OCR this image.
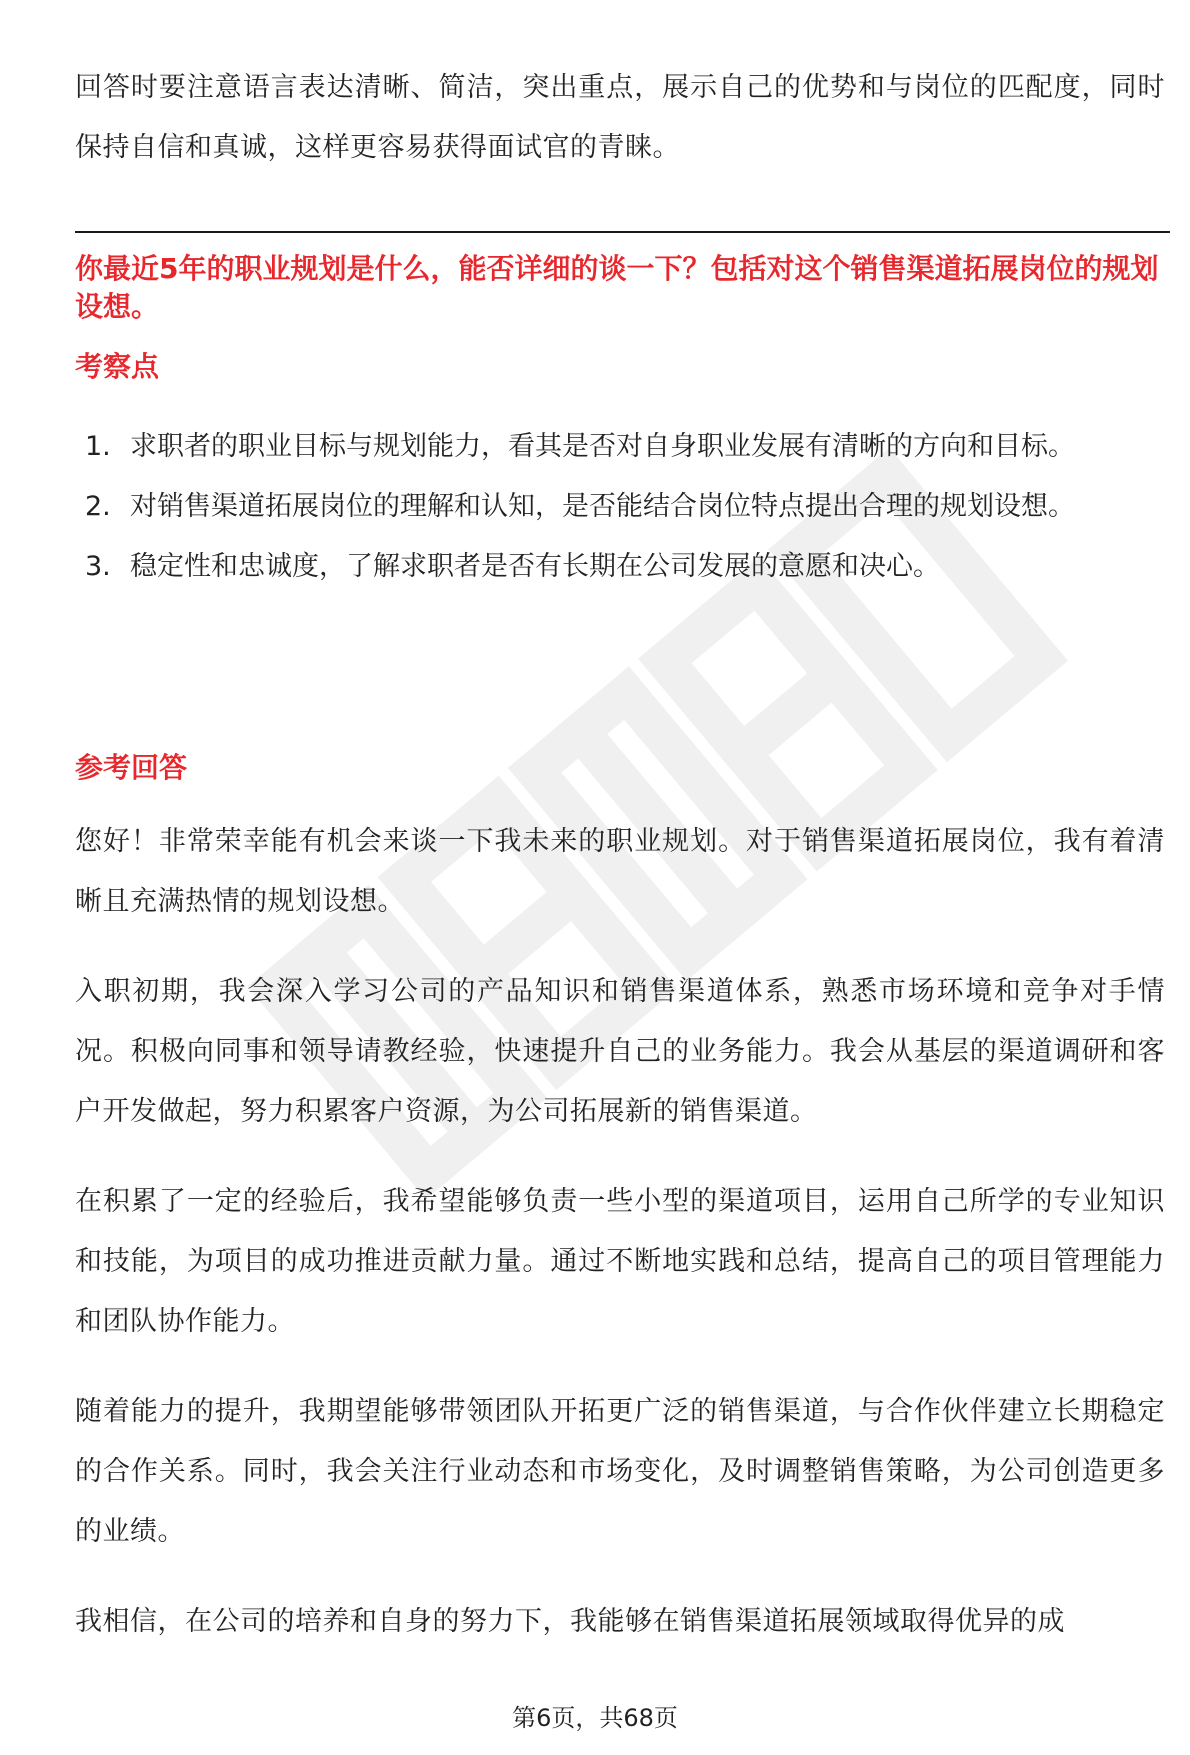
回答时要注意语言表达清晰、简洁，突出重点，展示自己的优势和与岗位的匹配度，同时保持自信和真诚，这样更容易获得面试官的青睐。

你最近5年的职业规划是什么，能否详细的谈一下？包括对这个销售渠道拓展岗位的规划设想。

考察点
1. 求职者的职业目标与规划能力，看其是否对自身职业发展有清晰的方向和目标。
2. 对销售渠道拓展岗位的理解和认知，是否能结合岗位特点提出合理的规划设想。
3. 稳定性和忠诚度，了解求职者是否有长期在公司发展的意愿和决心。
参考回答

您好！非常荣幸能有机会来谈一下我未来的职业规划。对于销售渠道拓展岗位，我有着清晰且充满热情的规划设想。

入职初期，我会深入学习公司的产品知识和销售渠道体系，熟悉市场环境和竞争对手情况。积极向同事和领导请教经验，快速提升自己的业务能力。我会从基层的渠道调研和客户开发做起，努力积累客户资源，为公司拓展新的销售渠道。

在积累了一定的经验后，我希望能够负责一些小型的渠道项目，运用自己所学的专业知识和技能，为项目的成功推进贡献力量。通过不断地实践和总结，提高自己的项目管理能力和团队协作能力。

随着能力的提升，我期望能够带领团队开拓更广泛的销售渠道，与合作伙伴建立长期稳定的合作关系。同时，我会关注行业动态和市场变化，及时调整销售策略，为公司创造更多的业绩。

我相信，在公司的培养和自身的努力下，我能够在销售渠道拓展领域取得优异的成

第6页，共68页
